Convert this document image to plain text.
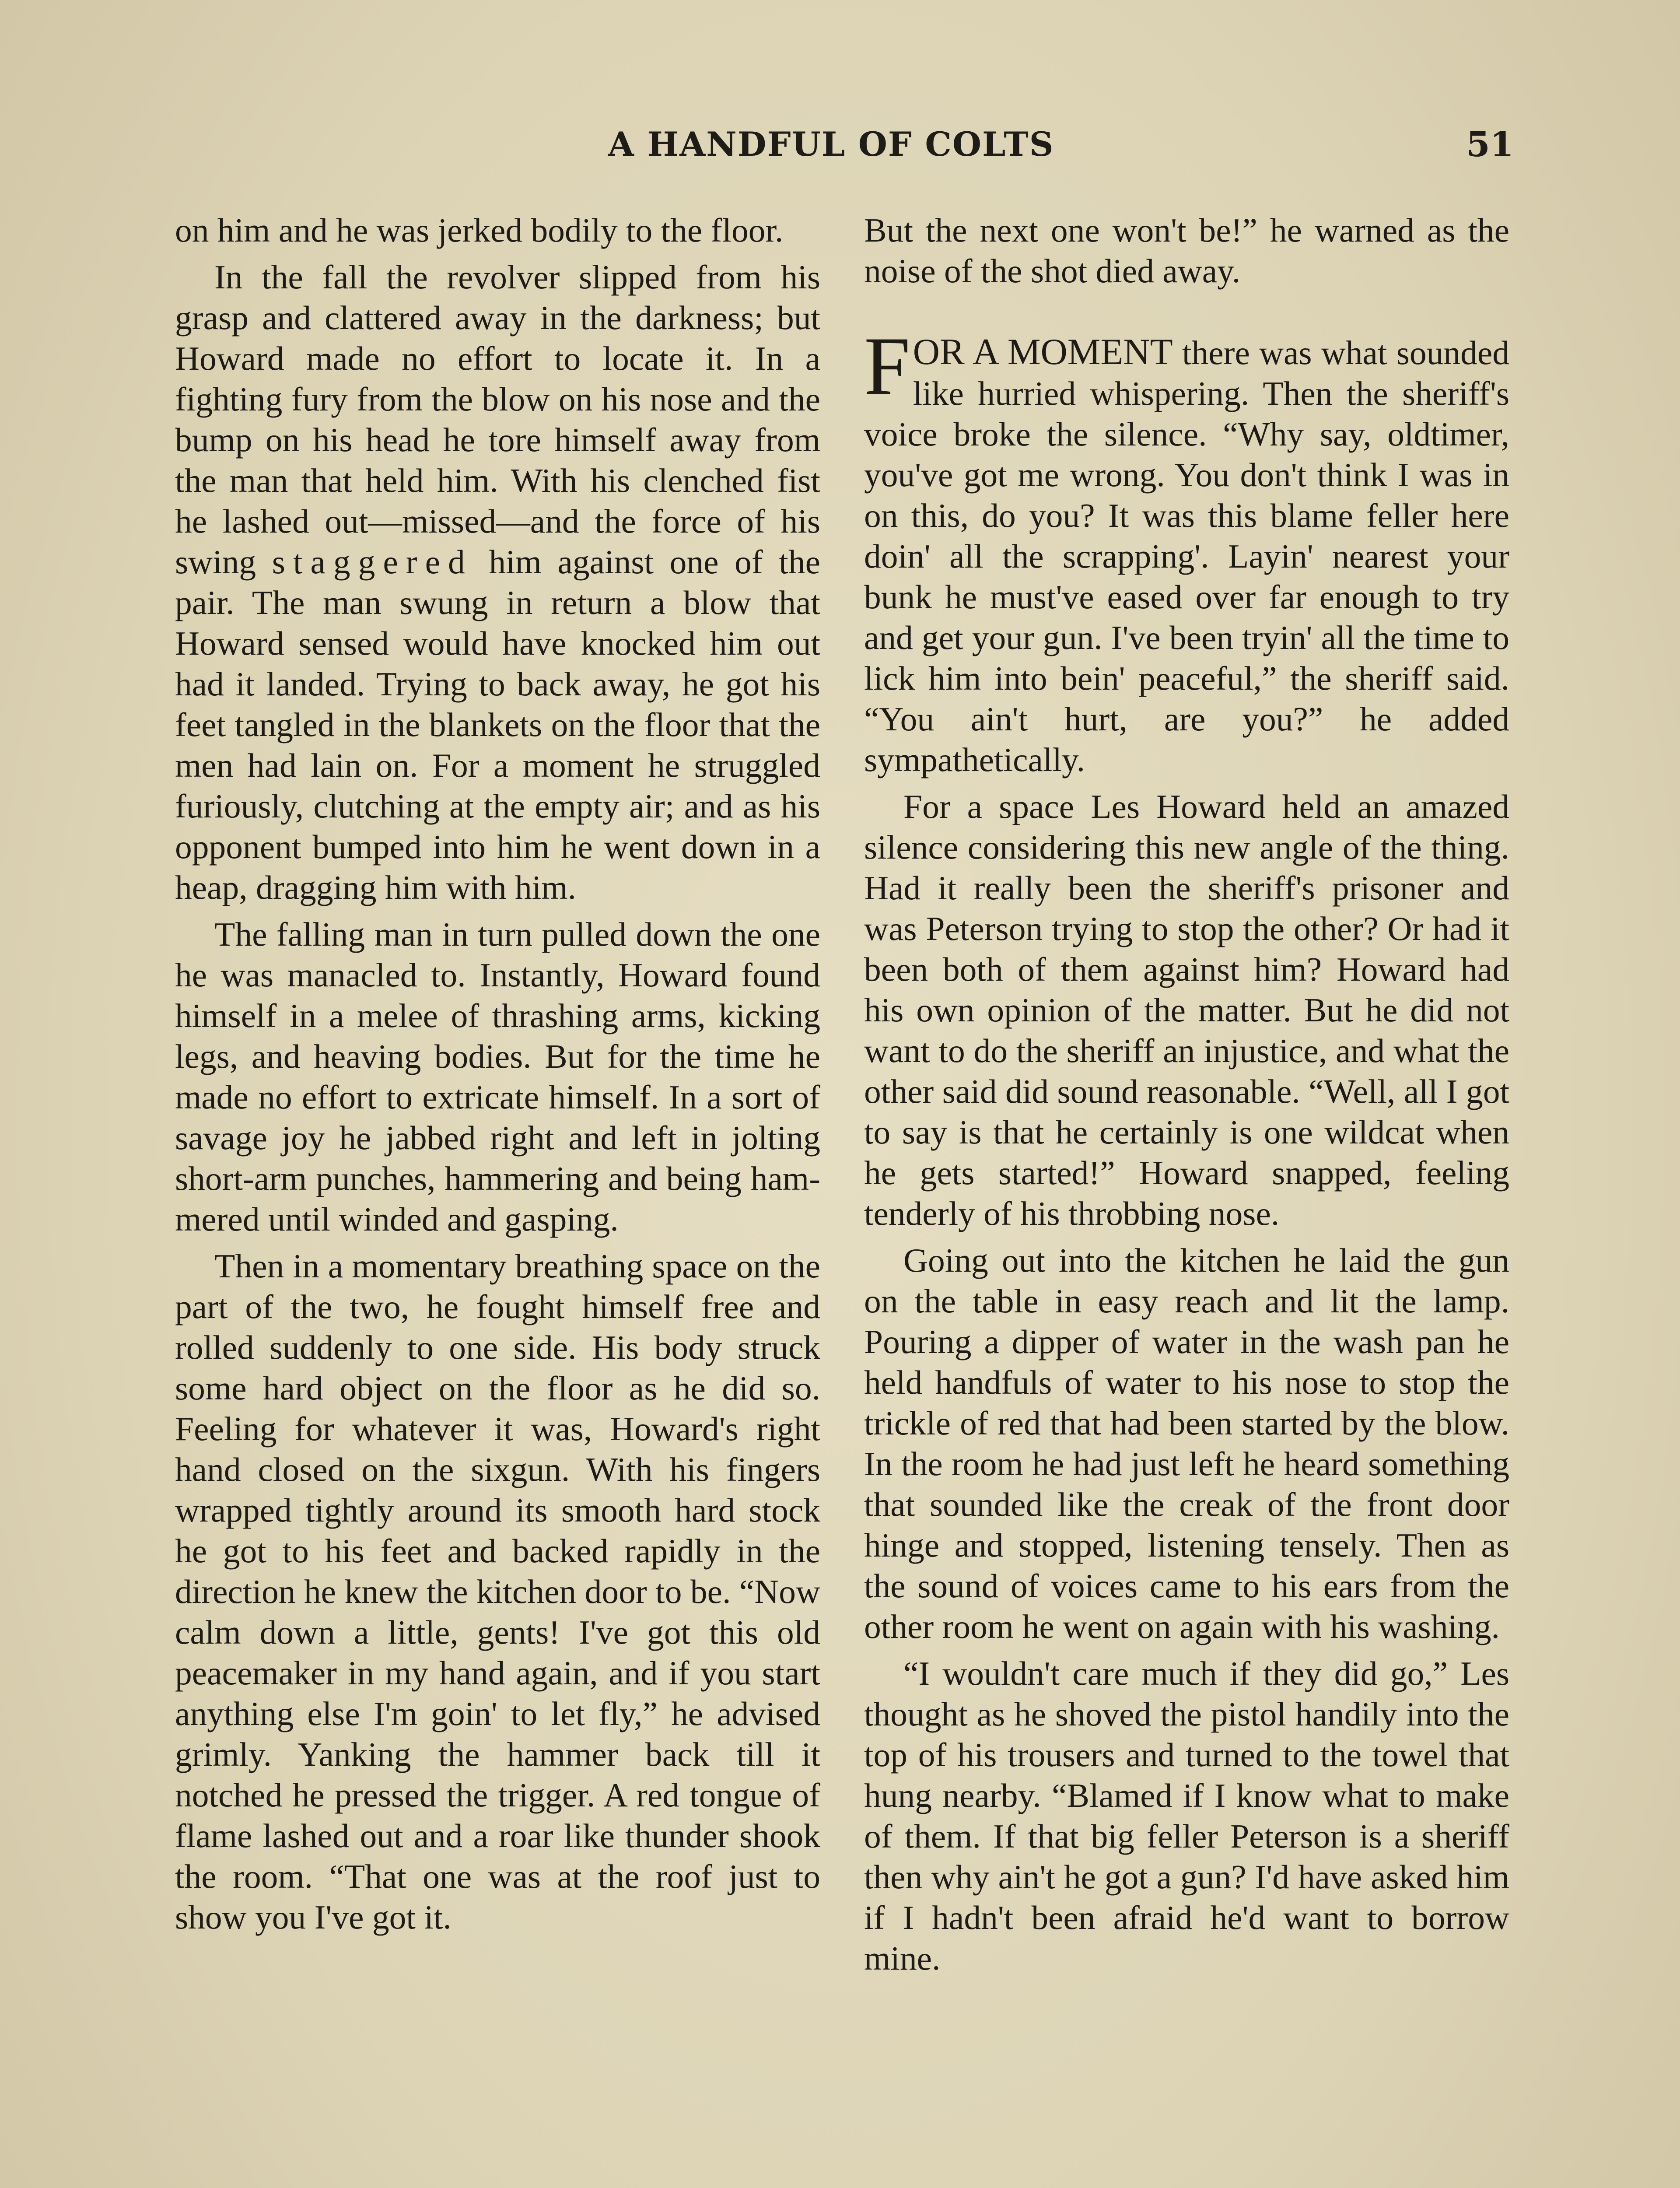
A HANDFUL OF COLTS	51

on him and he was jerked bodily to the floor.

In the fall the revolver slipped from his grasp and clattered away in the darkness; but Howard made no effort to locate it. In a fighting fury from the blow on his nose and the bump on his head he tore himself away from the man that held him. With his clenched fist he lashed out—missed—and the force of his swing staggered him against one of the pair. The man swung in return a blow that Howard sensed would have knocked him out had it landed. Trying to back away, he got his feet tangled in the blankets on the floor that the men had lain on. For a moment he struggled furiously, clutching at the empty air; and as his opponent bumped into him he went down in a heap, dragging him with him.

The falling man in turn pulled down the one he was manacled to. Instantly, Howard found himself in a melee of thrashing arms, kicking legs, and heaving bodies. But for the time he made no effort to extricate himself. In a sort of savage joy he jabbed right and left in jolting short-arm punches, hammering and being hammered until winded and gasping.

Then in a momentary breathing space on the part of the two, he fought himself free and rolled suddenly to one side. His body struck some hard object on the floor as he did so. Feeling for whatever it was, Howard's right hand closed on the sixgun. With his fingers wrapped tightly around its smooth hard stock he got to his feet and backed rapidly in the direction he knew the kitchen door to be. “Now calm down a little, gents! I've got this old peacemaker in my hand again, and if you start anything else I'm goin' to let fly,” he advised grimly. Yanking the hammer back till it notched he pressed the trigger. A red tongue of flame lashed out and a roar like thunder shook the room. “That one was at the roof just to show you I've got it.

But the next one won't be!” he warned as the noise of the shot died away.

FOR A MOMENT there was what sounded like hurried whispering. Then the sheriff's voice broke the silence. “Why say, oldtimer, you've got me wrong. You don't think I was in on this, do you? It was this blame feller here doin' all the scrapping'. Layin' nearest your bunk he must've eased over far enough to try and get your gun. I've been tryin' all the time to lick him into bein' peaceful,” the sheriff said. “You ain't hurt, are you?” he added sympathetically.

For a space Les Howard held an amazed silence considering this new angle of the thing. Had it really been the sheriff's prisoner and was Peterson trying to stop the other? Or had it been both of them against him? Howard had his own opinion of the matter. But he did not want to do the sheriff an injustice, and what the other said did sound reasonable. “Well, all I got to say is that he certainly is one wildcat when he gets started!” Howard snapped, feeling tenderly of his throbbing nose.

Going out into the kitchen he laid the gun on the table in easy reach and lit the lamp. Pouring a dipper of water in the wash pan he held handfuls of water to his nose to stop the trickle of red that had been started by the blow. In the room he had just left he heard something that sounded like the creak of the front door hinge and stopped, listening tensely. Then as the sound of voices came to his ears from the other room he went on again with his washing.

“I wouldn't care much if they did go,” Les thought as he shoved the pistol handily into the top of his trousers and turned to the towel that hung nearby. “Blamed if I know what to make of them. If that big feller Peterson is a sheriff then why ain't he got a gun? I'd have asked him if I hadn't been afraid he'd want to borrow mine.
